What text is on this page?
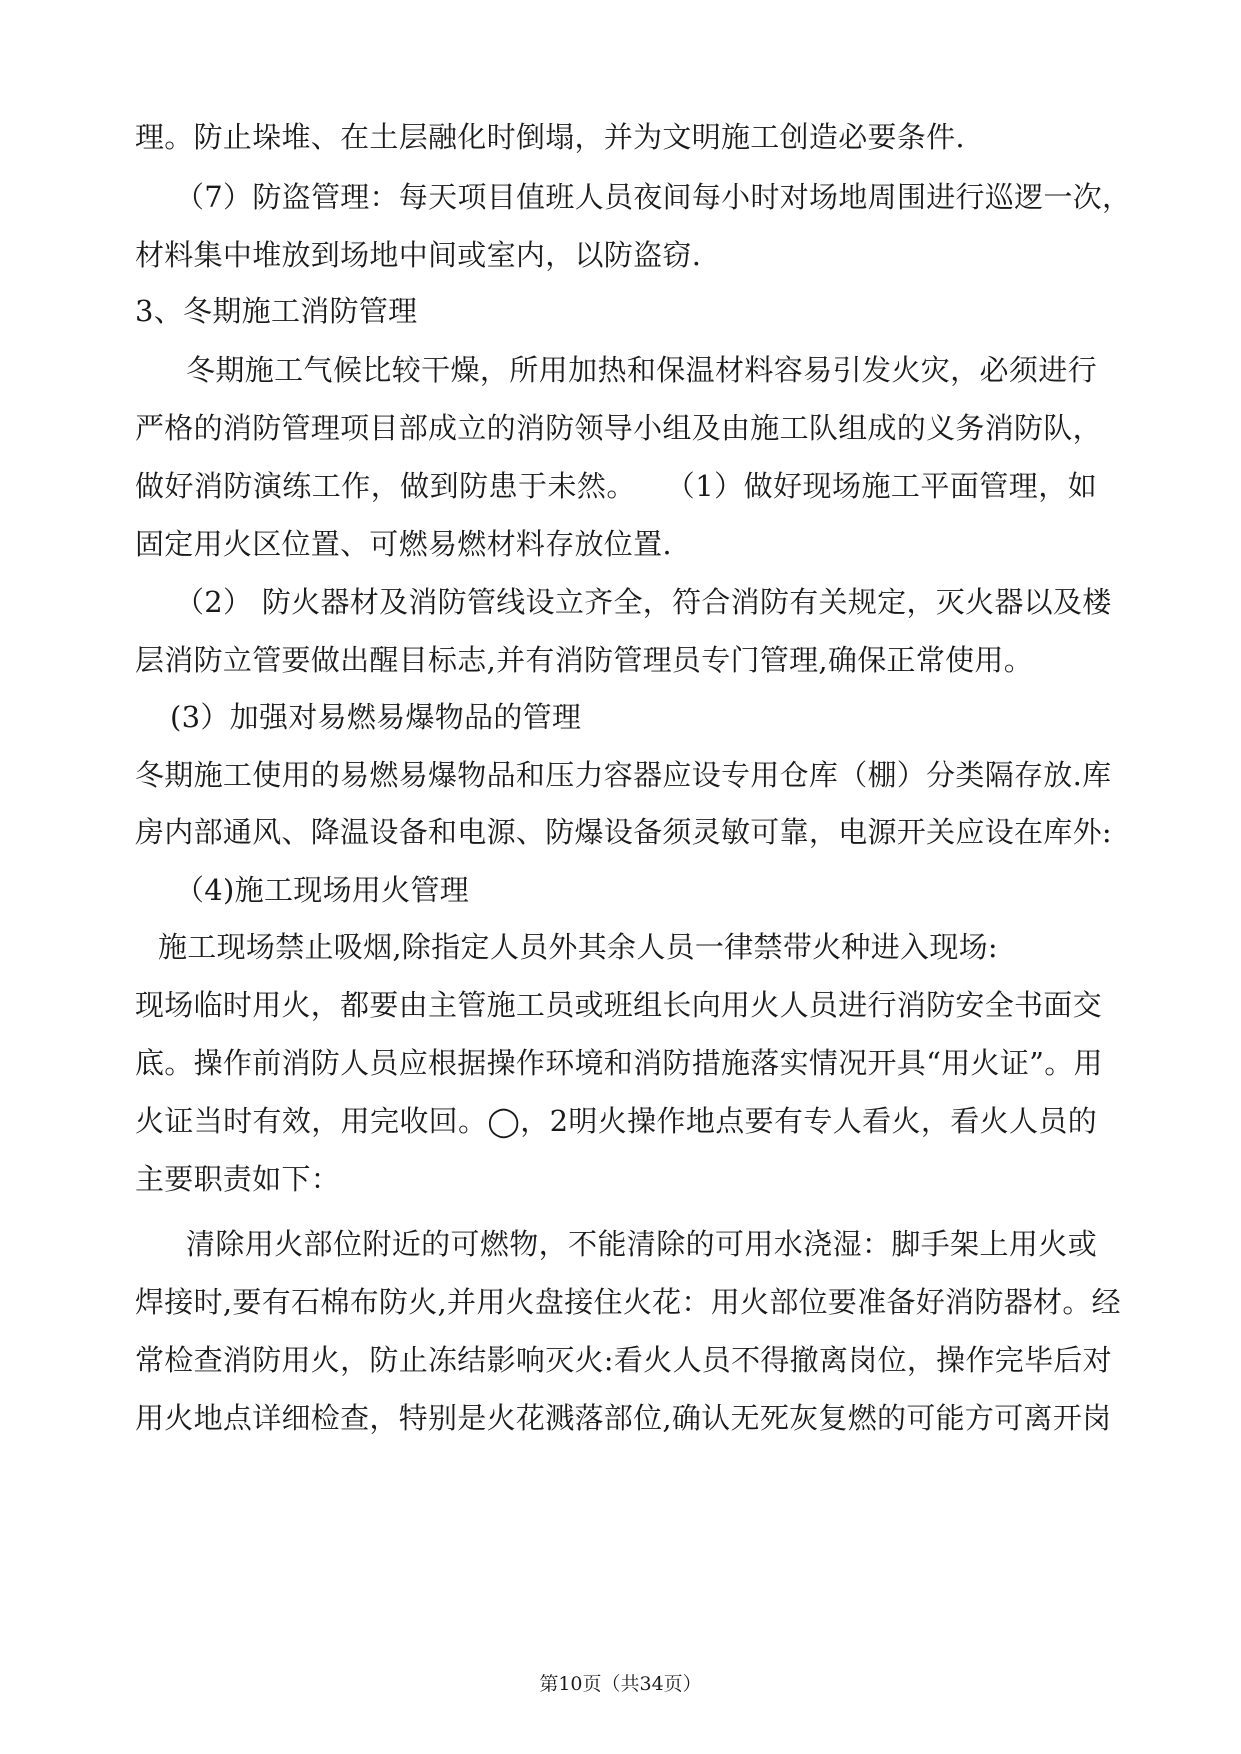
理。防止垛堆、在土层融化时倒塌，并为文明施工创造必要条件.
（7）防盗管理：每天项目值班人员夜间每小时对场地周围进行巡逻一次，
材料集中堆放到场地中间或室内，以防盗窃.
3、冬期施工消防管理
冬期施工气候比较干燥，所用加热和保温材料容易引发火灾，必须进行
严格的消防管理项目部成立的消防领导小组及由施工队组成的义务消防队，
做好消防演练工作，做到防患于未然。　　（1）做好现场施工平面管理，如
固定用火区位置、可燃易燃材料存放位置.
（2） 防火器材及消防管线设立齐全，符合消防有关规定，灭火器以及楼
层消防立管要做出醒目标志,并有消防管理员专门管理,确保正常使用。
(3）加强对易燃易爆物品的管理
冬期施工使用的易燃易爆物品和压力容器应设专用仓库（棚）分类隔存放.库
房内部通风、降温设备和电源、防爆设备须灵敏可靠，电源开关应设在库外:
（4)施工现场用火管理
施工现场禁止吸烟,除指定人员外其余人员一律禁带火种进入现场:
现场临时用火，都要由主管施工员或班组长向用火人员进行消防安全书面交
底。操作前消防人员应根据操作环境和消防措施落实情况开具“用火证”。用
火证当时有效，用完收回。◯，2明火操作地点要有专人看火，看火人员的
主要职责如下：
清除用火部位附近的可燃物，不能清除的可用水浇湿：脚手架上用火或
焊接时,要有石棉布防火,并用火盘接住火花：用火部位要准备好消防器材。经
常检查消防用火，防止冻结影响灭火:看火人员不得撤离岗位，操作完毕后对
用火地点详细检查，特别是火花溅落部位,确认无死灰复燃的可能方可离开岗
第10页（共34页）
